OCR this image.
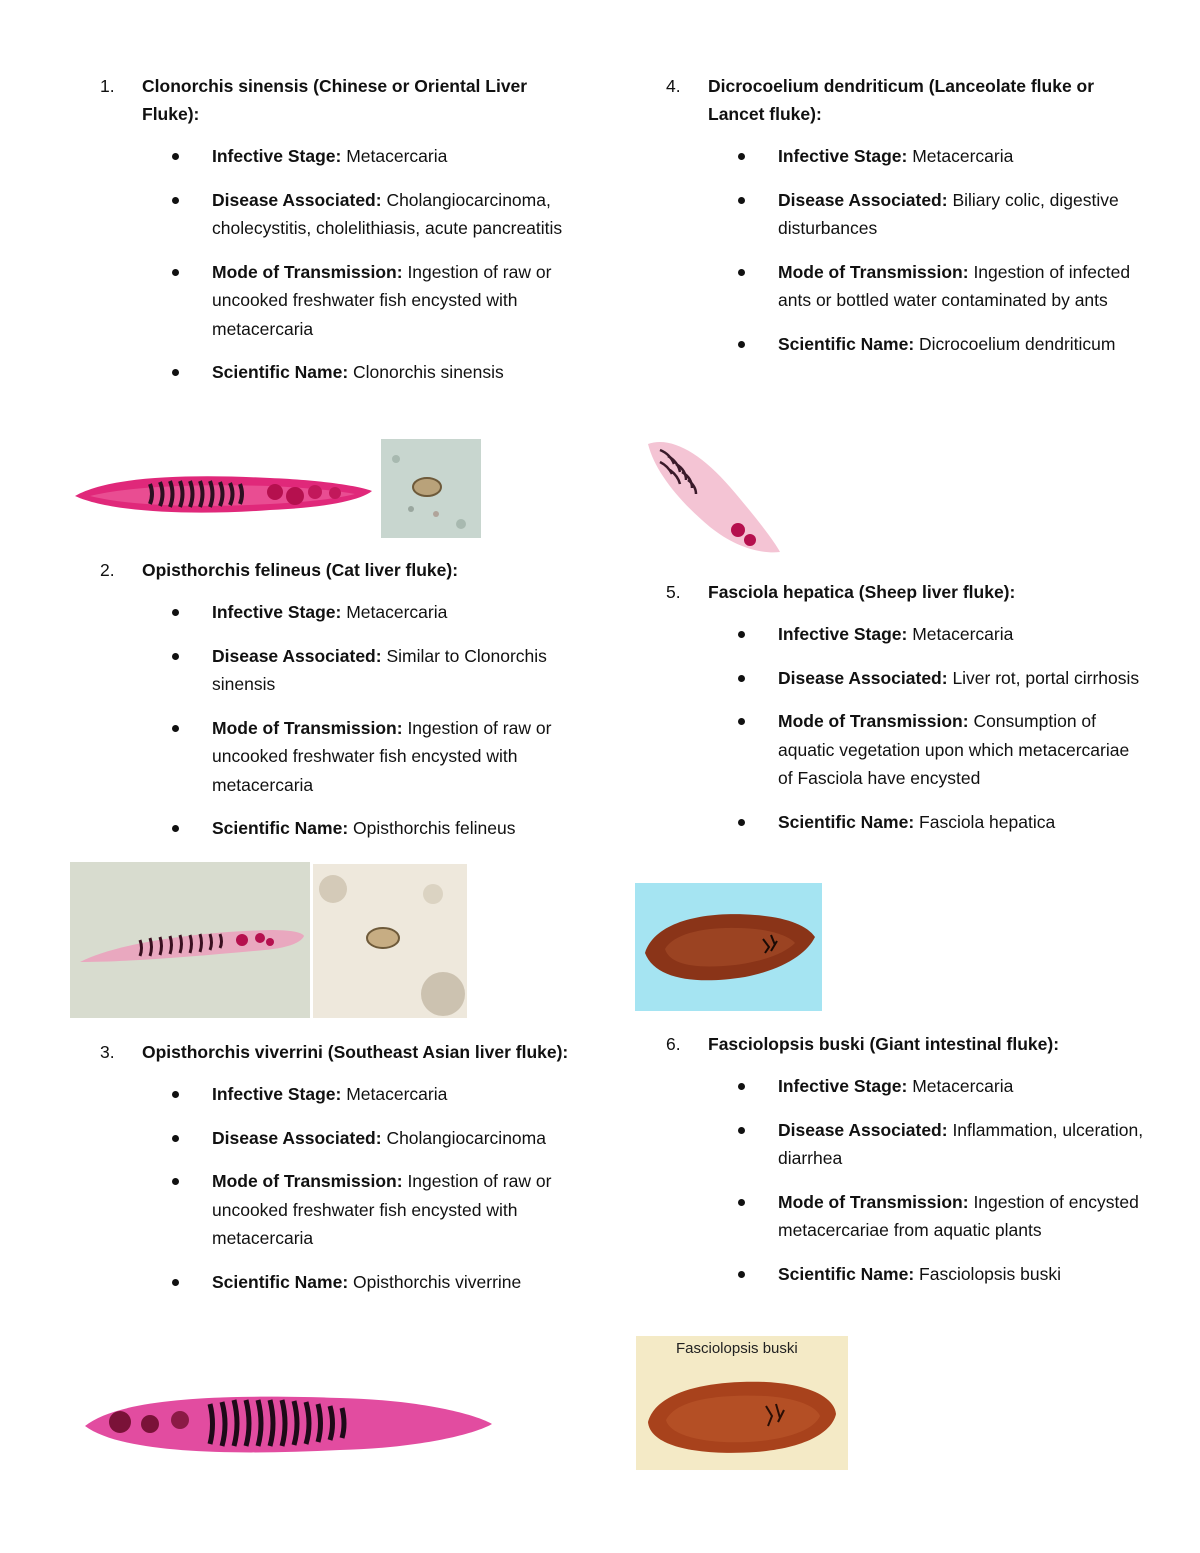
1 . Clonorchis sinensis (Chinese or Oriental Liver Fluke):
Infective Stage: Metacercaria
Disease Associated: Cholangiocarcinoma, cholecystitis, cholelithiasis, acute pancreatitis
Mode of Transmission: Ingestion of raw or uncooked freshwater fish encysted with metacercaria
Scientific Name: Clonorchis sinensis
2 . Opisthorchis felineus (Cat liver fluke):
Infective Stage: Metacercaria
Disease Associated: Similar to Clonorchis sinensis
Mode of Transmission: Ingestion of raw or uncooked freshwater fish encysted with metacercaria
Scientific Name: Opisthorchis felineus
3 . Opisthorchis viverrini (Southeast Asian liver fluke):
Infective Stage: Metacercaria
Disease Associated: Cholangiocarcinoma
Mode of Transmission: Ingestion of raw or uncooked freshwater fish encysted with metacercaria
Scientific Name: Opisthorchis viverrine
4 . Dicrocoelium dendriticum (Lanceolate fluke or Lancet fluke):
Infective Stage: Metacercaria
Disease Associated: Biliary colic, digestive disturbances
Mode of Transmission: Ingestion of infected ants or bottled water contaminated by ants
Scientific Name: Dicrocoelium dendriticum
5 . Fasciola hepatica (Sheep liver fluke):
Infective Stage: Metacercaria
Disease Associated: Liver rot, portal cirrhosis
Mode of Transmission: Consumption of aquatic vegetation upon which metacercariae of Fasciola have encysted
Scientific Name: Fasciola hepatica
6 . Fasciolopsis buski (Giant intestinal fluke):
Infective Stage: Metacercaria
Disease Associated: Inflammation, ulceration, diarrhea
Mode of Transmission: Ingestion of encysted metacercariae from aquatic plants
Scientific Name: Fasciolopsis buski
Fasciolopsis buski
